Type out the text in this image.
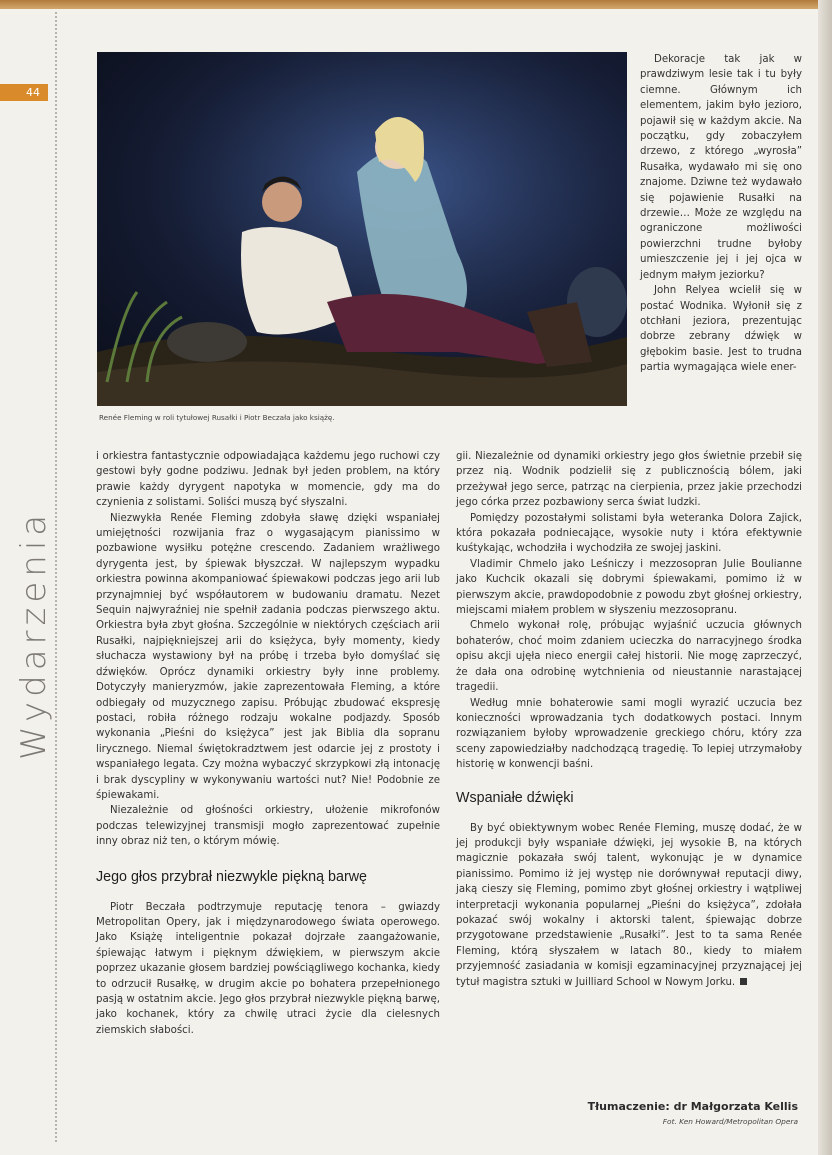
44
Wydarzenia
Renée Fleming w roli tytułowej Rusałki i Piotr Beczała jako książę.

Dekoracje tak jak w prawdziwym lesie tak i tu były ciemne. Głównym ich elementem, jakim było jezioro, pojawił się w każdym akcie. Na początku, gdy zobaczyłem drzewo, z którego „wyrosła” Rusałka, wydawało mi się ono znajome. Dziwne też wydawało się pojawienie Rusałki na drzewie… Może ze względu na ograniczone możliwości powierzchni trudne byłoby umieszczenie jej i jej ojca w jednym małym jeziorku?

John Relyea wcielił się w postać Wodnika. Wyłonił się z otchłani jeziora, prezentując dobrze zebrany dźwięk w głębokim basie. Jest to trudna partia wymagająca wiele ener-

i orkiestra fantastycznie odpowiadająca każdemu jego ruchowi czy gestowi były godne podziwu. Jednak był jeden problem, na który prawie każdy dyrygent napotyka w momencie, gdy ma do czynienia z solistami. Soliści muszą być słyszalni.

Niezwykła Renée Fleming zdobyła sławę dzięki wspaniałej umiejętności rozwijania fraz o wygasającym pianissimo w pozbawione wysiłku potężne crescendo. Zadaniem wrażliwego dyrygenta jest, by śpiewak błyszczał. W najlepszym wypadku orkiestra powinna akompaniować śpiewakowi podczas jego arii lub przynajmniej być współautorem w budowaniu dramatu. Nezet Sequin najwyraźniej nie spełnił zadania podczas pierwszego aktu. Orkiestra była zbyt głośna. Szczególnie w niektórych częściach arii Rusałki, najpiękniejszej arii do księżyca, były momenty, kiedy słuchacza wystawiony był na próbę i trzeba było domyślać się dźwięków. Oprócz dynamiki orkiestry były inne problemy. Dotyczyły manieryzmów, jakie zaprezentowała Fleming, a które odbiegały od muzycznego zapisu. Próbując zbudować ekspresję postaci, robiła różnego rodzaju wokalne podjazdy. Sposób wykonania „Pieśni do księżyca” jest jak Biblia dla sopranu lirycznego. Niemal świętokradztwem jest odarcie jej z prostoty i wspaniałego legata. Czy można wybaczyć skrzypkowi złą intonację i brak dyscypliny w wykonywaniu wartości nut? Nie! Podobnie ze śpiewakami.

Niezależnie od głośności orkiestry, ułożenie mikrofonów podczas telewizyjnej transmisji mogło zaprezentować zupełnie inny obraz niż ten, o którym mówię.

Jego głos przybrał niezwykle piękną barwę

Piotr Beczała podtrzymuje reputację tenora – gwiazdy Metropolitan Opery, jak i międzynarodowego świata operowego. Jako Książę inteligentnie pokazał dojrzałe zaangażowanie, śpiewając łatwym i pięknym dźwiękiem, w pierwszym akcie poprzez ukazanie głosem bardziej powściągliwego kochanka, kiedy to odrzucił Rusałkę, w drugim akcie po bohatera przepełnionego pasją w ostatnim akcie. Jego głos przybrał niezwykle piękną barwę, jako kochanek, który za chwilę utraci życie dla cielesnych ziemskich słabości.

gii. Niezależnie od dynamiki orkiestry jego głos świetnie przebił się przez nią. Wodnik podzielił się z publicznością bólem, jaki przeżywał jego serce, patrząc na cierpienia, przez jakie przechodzi jego córka przez pozbawiony serca świat ludzki.

Pomiędzy pozostałymi solistami była weteranka Dolora Zajick, która pokazała podniecające, wysokie nuty i która efektywnie kuśtykając, wchodziła i wychodziła ze swojej jaskini.

Vladimir Chmelo jako Leśniczy i mezzosopran Julie Boulianne jako Kuchcik okazali się dobrymi śpiewakami, pomimo iż w pierwszym akcie, prawdopodobnie z powodu zbyt głośnej orkiestry, miejscami miałem problem w słyszeniu mezzosopranu.

Chmelo wykonał rolę, próbując wyjaśnić uczucia głównych bohaterów, choć moim zdaniem ucieczka do narracyjnego środka opisu akcji ujęła nieco energii całej historii. Nie mogę zaprzeczyć, że dała ona odrobinę wytchnienia od nieustannie narastającej tragedii.

Według mnie bohaterowie sami mogli wyrazić uczucia bez konieczności wprowadzania tych dodatkowych postaci. Innym rozwiązaniem byłoby wprowadzenie greckiego chóru, który zza sceny zapowiedziałby nadchodzącą tragedię. To lepiej utrzymałoby historię w konwencji baśni.

Wspaniałe dźwięki

By być obiektywnym wobec Renée Fleming, muszę dodać, że w jej produkcji były wspaniałe dźwięki, jej wysokie B, na których magicznie pokazała swój talent, wykonując je w dynamice pianissimo. Pomimo iż jej występ nie dorównywał reputacji diwy, jaką cieszy się Fleming, pomimo zbyt głośnej orkiestry i wątpliwej interpretacji wykonania popularnej „Pieśni do księżyca”, zdołała pokazać swój wokalny i aktorski talent, śpiewając dobrze przygotowane przedstawienie „Rusałki”. Jest to ta sama Renée Fleming, którą słyszałem w latach 80., kiedy to miałem przyjemność zasiadania w komisji egzaminacyjnej przyznającej jej tytuł magistra sztuki w Juilliard School w Nowym Jorku.

Tłumaczenie: dr Małgorzata Kellis
Fot. Ken Howard/Metropolitan Opera
